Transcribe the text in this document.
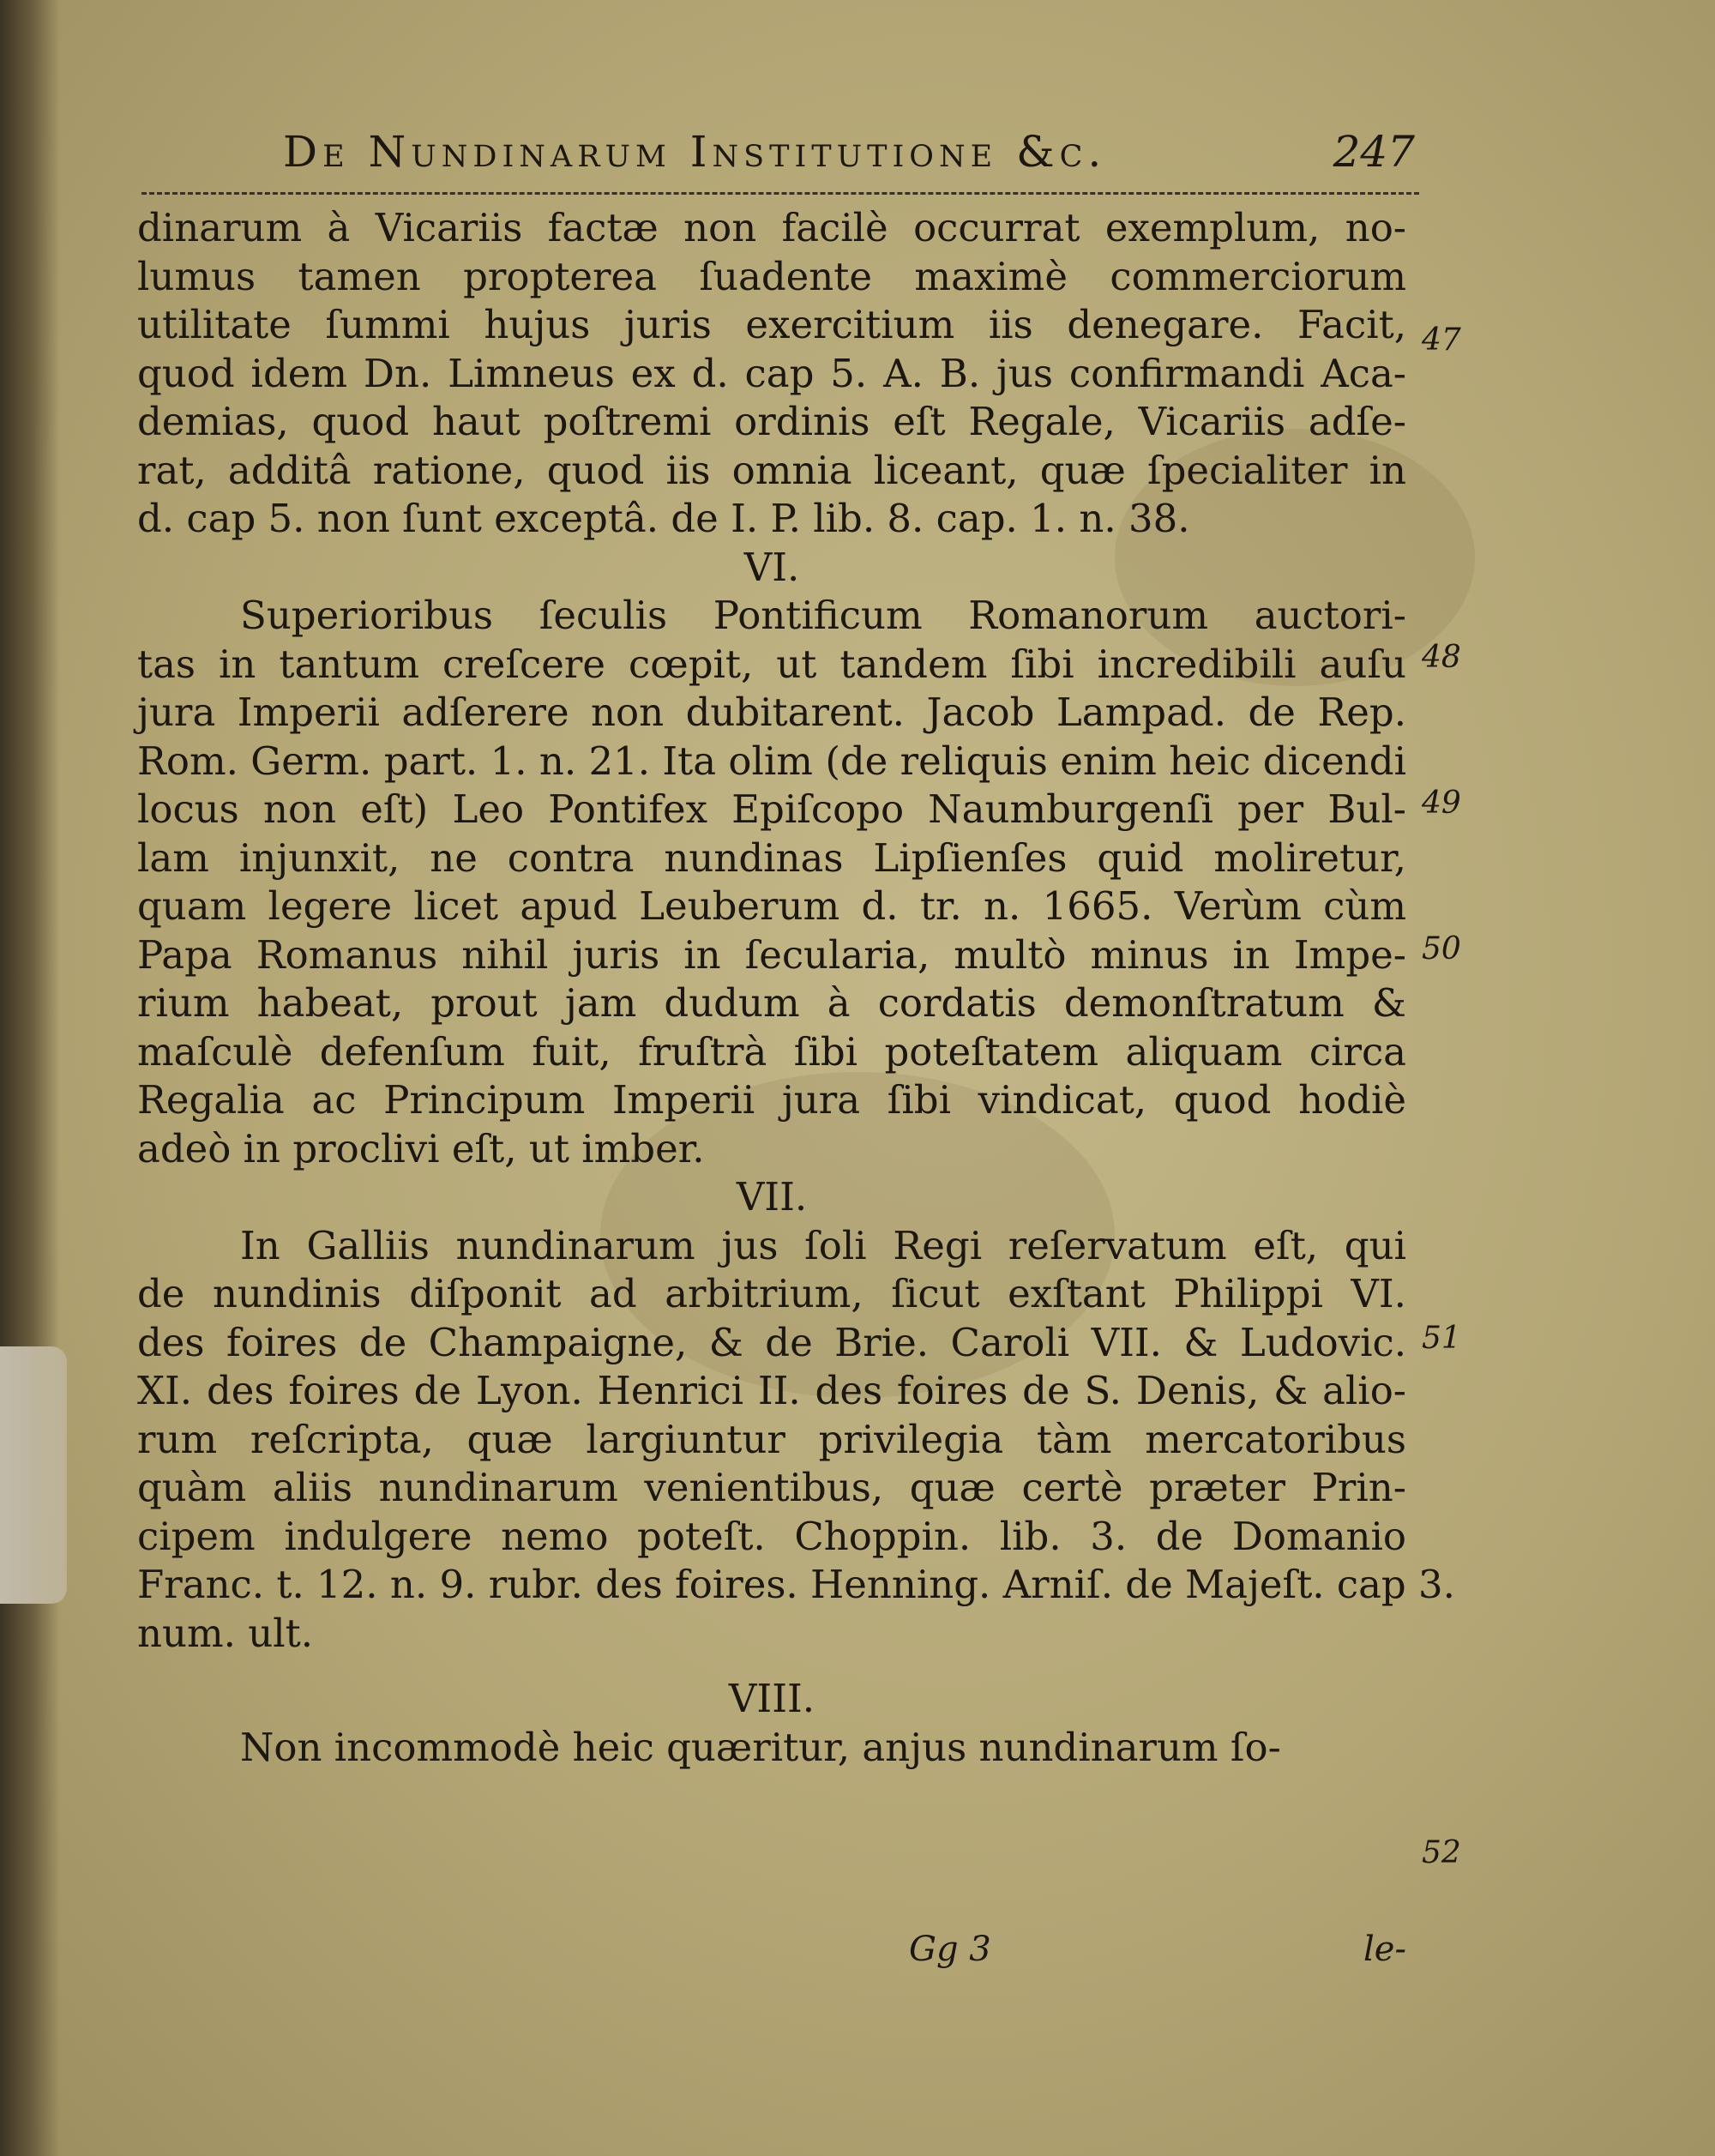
De Nundinarum Institutione &c.	247
dinarum à Vicariis factæ non facilè occurrat exemplum, no-
lumus tamen propterea ſuadente maximè commerciorum
utilitate ſummi hujus juris exercitium iis denegare. Facit,
quod idem Dn. Limneus ex d. cap 5. A. B. jus confirmandi Aca-
demias, quod haut poſtremi ordinis eſt Regale, Vicariis adſe-
rat, additâ ratione, quod iis omnia liceant, quæ ſpecialiter in
d. cap 5. non ſunt exceptâ. de I. P. lib. 8. cap. 1. n. 38.
VI.
Superioribus ſeculis Pontificum Romanorum auctori-
tas in tantum creſcere cœpit, ut tandem ſibi incredibili auſu
jura Imperii adſerere non dubitarent. Jacob Lampad. de Rep.
Rom. Germ. part. 1. n. 21. Ita olim (de reliquis enim heic dicendi
locus non eſt) Leo Pontifex Epiſcopo Naumburgenſi per Bul-
lam injunxit, ne contra nundinas Lipſienſes quid moliretur,
quam legere licet apud Leuberum d. tr. n. 1665. Verùm cùm
Papa Romanus nihil juris in ſecularia, multò minus in Impe-
rium habeat, prout jam dudum à cordatis demonſtratum &
maſculè defenſum fuit, fruſtrà ſibi poteſtatem aliquam circa
Regalia ac Principum Imperii jura ſibi vindicat, quod hodiè
adeò in proclivi eſt, ut imber.
VII.
In Galliis nundinarum jus ſoli Regi reſervatum eſt, qui
de nundinis diſponit ad arbitrium, ſicut exſtant Philippi VI.
des foires de Champaigne, & de Brie. Caroli VII. & Ludovic.
XI. des foires de Lyon. Henrici II. des foires de S. Denis, & alio-
rum reſcripta, quæ largiuntur privilegia tàm mercatoribus
quàm aliis nundinarum venientibus, quæ certè præter Prin-
cipem indulgere nemo poteſt. Choppin. lib. 3. de Domanio
Franc. t. 12. n. 9. rubr. des foires. Henning. Arniſ. de Majeſt. cap 3.
num. ult.
VIII.
Non incommodè heic quæritur, anjus nundinarum ſo-
47
48
49
50
51
52
Gg 3	le-
